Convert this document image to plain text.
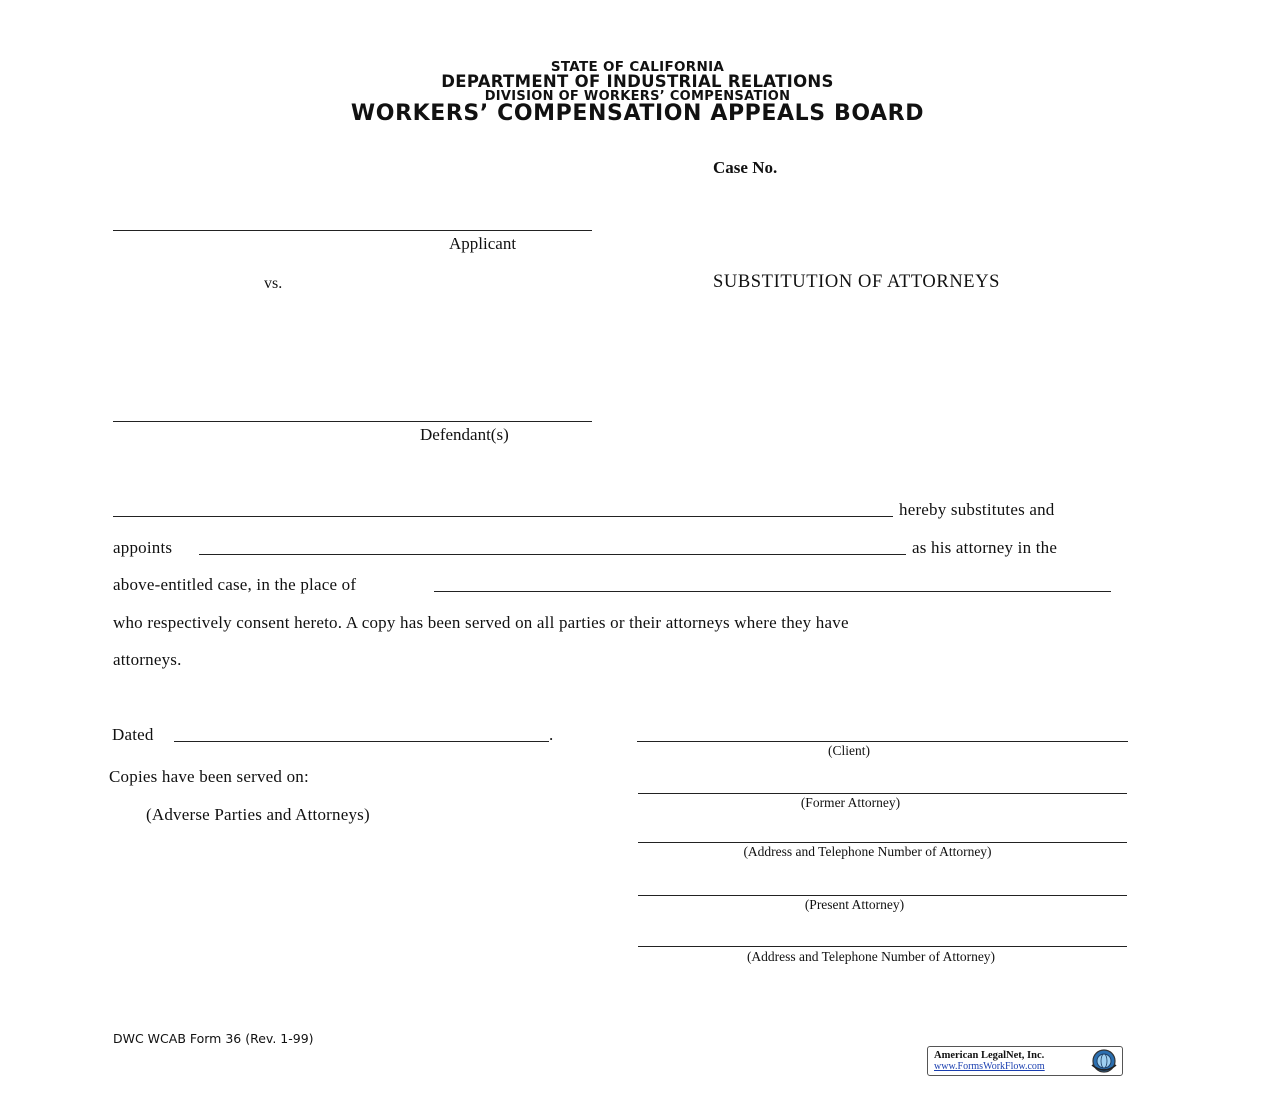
STATE OF CALIFORNIA
DEPARTMENT OF INDUSTRIAL RELATIONS
DIVISION OF WORKERS’ COMPENSATION
WORKERS’ COMPENSATION APPEALS BOARD
Case No.
Applicant
vs.	SUBSTITUTION OF ATTORNEYS
Defendant(s)
hereby substitutes and
appoints	as his attorney in the
above-entitled case, in the place of
who respectively consent hereto. A copy has been served on all parties or their attorneys where they have
attorneys.
Dated	.
Copies have been served on:
(Adverse Parties and Attorneys)
(Client)
(Former Attorney)
(Address and Telephone Number of Attorney)
(Present Attorney)
(Address and Telephone Number of Attorney)
DWC WCAB Form 36 (Rev. 1-99)
American LegalNet, Inc.
www.FormsWorkFlow.com
